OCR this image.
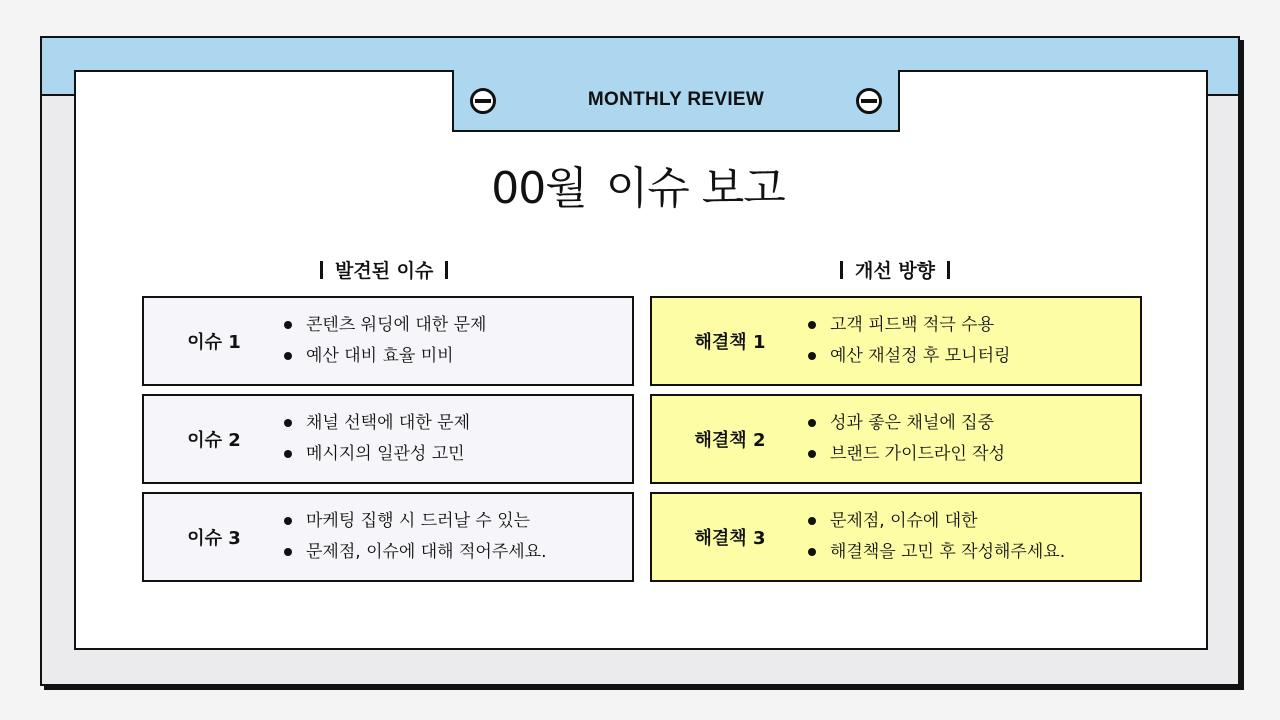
MONTHLY REVIEW
00월 이슈 보고
발견된 이슈	개선 방향
이슈 1
콘텐츠 워딩에 대한 문제
예산 대비 효율 미비
이슈 2
채널 선택에 대한 문제
메시지의 일관성 고민
이슈 3
마케팅 집행 시 드러날 수 있는
문제점, 이슈에 대해 적어주세요.
해결책 1
고객 피드백 적극 수용
예산 재설정 후 모니터링
해결책 2
성과 좋은 채널에 집중
브랜드 가이드라인 작성
해결책 3
문제점, 이슈에 대한
해결책을 고민 후 작성해주세요.
